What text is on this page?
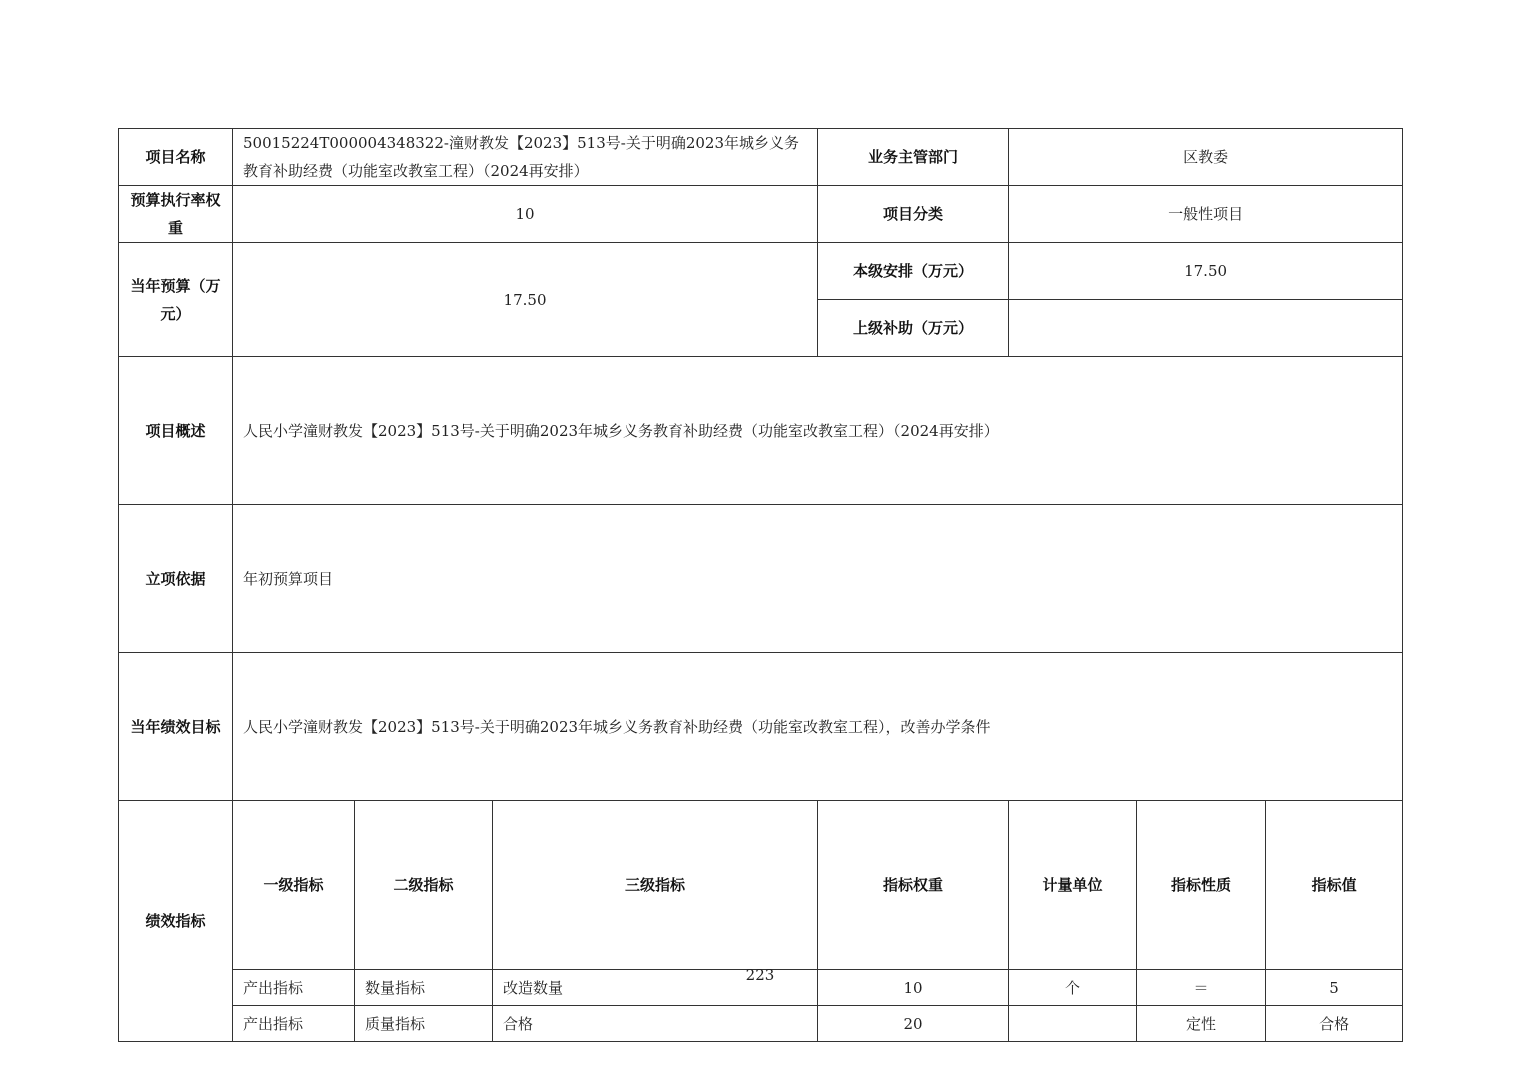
项目名称	50015224T000004348322-潼财教发【2023】513号-关于明确2023年城乡义务教育补助经费（功能室改教室工程）（2024再安排）			业务主管部门	区教委			
预算执行率权重	10			项目分类	一般性项目			
当年预算（万元）	17.50			本级安排（万元）	17.50			
				上级补助（万元）				
项目概述	人民小学潼财教发【2023】513号-关于明确2023年城乡义务教育补助经费（功能室改教室工程）（2024再安排）							
立项依据	年初预算项目							
当年绩效目标	人民小学潼财教发【2023】513号-关于明确2023年城乡义务教育补助经费（功能室改教室工程），改善办学条件							
绩效指标	一级指标	二级指标	三级指标	指标权重	计量单位	指标性质	指标值	
	产出指标	数量指标	改造数量	10	个	＝	5	
	产出指标	质量指标	合格	20		定性	合格	
223
